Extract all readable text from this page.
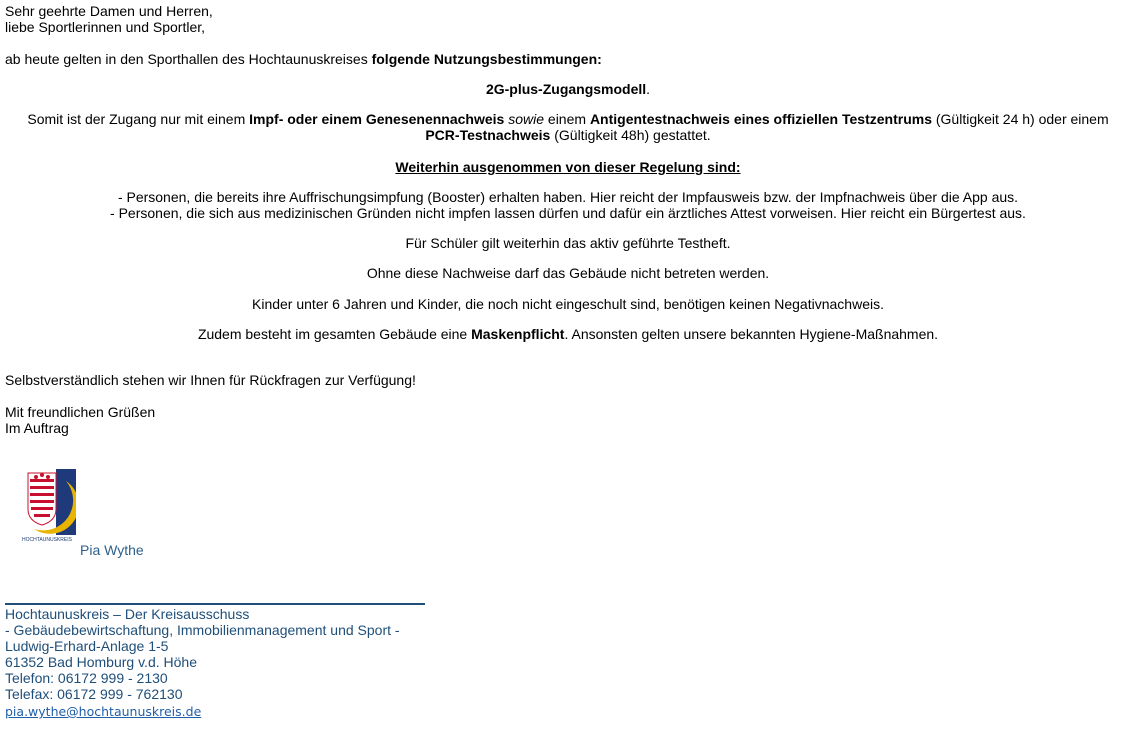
Sehr geehrte Damen und Herren,
liebe Sportlerinnen und Sportler,
ab heute gelten in den Sporthallen des Hochtaunuskreises folgende Nutzungsbestimmungen:
2G-plus-Zugangsmodell.
Somit ist der Zugang nur mit einem Impf- oder einem Genesenennachweis sowie einem Antigentestnachweis eines offiziellen Testzentrums (Gültigkeit 24 h) oder einem
PCR-Testnachweis (Gültigkeit 48h) gestattet.
Weiterhin ausgenommen von dieser Regelung sind:
- Personen, die bereits ihre Auffrischungsimpfung (Booster) erhalten haben. Hier reicht der Impfausweis bzw. der Impfnachweis über die App aus.
- Personen, die sich aus medizinischen Gründen nicht impfen lassen dürfen und dafür ein ärztliches Attest vorweisen. Hier reicht ein Bürgertest aus.
Für Schüler gilt weiterhin das aktiv geführte Testheft.
Ohne diese Nachweise darf das Gebäude nicht betreten werden.
Kinder unter 6 Jahren und Kinder, die noch nicht eingeschult sind, benötigen keinen Negativnachweis.
Zudem besteht im gesamten Gebäude eine Maskenpflicht. Ansonsten gelten unsere bekannten Hygiene-Maßnahmen.
Selbstverständlich stehen wir Ihnen für Rückfragen zur Verfügung!
Mit freundlichen Grüßen
Im Auftrag
HOCHTAUNUSKREIS
Pia Wythe
Hochtaunuskreis – Der Kreisausschuss
- Gebäudebewirtschaftung, Immobilienmanagement und Sport -
Ludwig-Erhard-Anlage 1-5
61352 Bad Homburg v.d. Höhe
Telefon: 06172 999 - 2130
Telefax: 06172 999 - 762130
pia.wythe@hochtaunuskreis.de
